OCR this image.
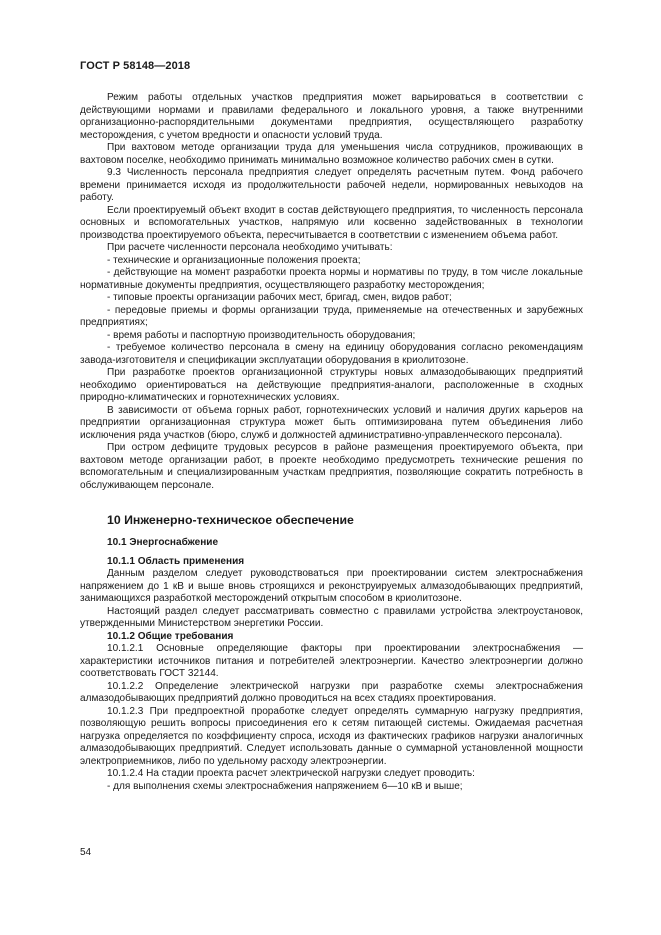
ГОСТ Р 58148—2018

Режим работы отдельных участков предприятия может варьироваться в соответствии с действующими нормами и правилами федерального и локального уровня, а также внутренними организационно-распорядительными документами предприятия, осуществляющего разработку месторождения, с учетом вредности и опасности условий труда.

При вахтовом методе организации труда для уменьшения числа сотрудников, проживающих в вахтовом поселке, необходимо принимать минимально возможное количество рабочих смен в сутки.

9.3 Численность персонала предприятия следует определять расчетным путем. Фонд рабочего времени принимается исходя из продолжительности рабочей недели, нормированных невыходов на работу.

Если проектируемый объект входит в состав действующего предприятия, то численность персонала основных и вспомогательных участков, напрямую или косвенно задействованных в технологии производства проектируемого объекта, пересчитывается в соответствии с изменением объема работ.

При расчете численности персонала необходимо учитывать:

- технические и организационные положения проекта;

- действующие на момент разработки проекта нормы и нормативы по труду, в том числе локальные нормативные документы предприятия, осуществляющего разработку месторождения;

- типовые проекты организации рабочих мест, бригад, смен, видов работ;

- передовые приемы и формы организации труда, применяемые на отечественных и зарубежных предприятиях;

- время работы и паспортную производительность оборудования;

- требуемое количество персонала в смену на единицу оборудования согласно рекомендациям завода-изготовителя и спецификации эксплуатации оборудования в криолитозоне.

При разработке проектов организационной структуры новых алмазодобывающих предприятий необходимо ориентироваться на действующие предприятия-аналоги, расположенные в сходных природно-климатических и горнотехнических условиях.

В зависимости от объема горных работ, горнотехнических условий и наличия других карьеров на предприятии организационная структура может быть оптимизирована путем объединения либо исключения ряда участков (бюро, служб и должностей административно-управленческого персонала).

При остром дефиците трудовых ресурсов в районе размещения проектируемого объекта, при вахтовом методе организации работ, в проекте необходимо предусмотреть технические решения по вспомогательным и специализированным участкам предприятия, позволяющие сократить потребность в обслуживающем персонале.

10 Инженерно-техническое обеспечение
10.1 Энергоснабжение
10.1.1 Область применения

Данным разделом следует руководствоваться при проектировании систем электроснабжения напряжением до 1 кВ и выше вновь строящихся и реконструируемых алмазодобывающих предприятий, занимающихся разработкой месторождений открытым способом в криолитозоне.

Настоящий раздел следует рассматривать совместно с правилами устройства электроустановок, утвержденными Министерством энергетики России.

10.1.2 Общие требования

10.1.2.1 Основные определяющие факторы при проектировании электроснабжения — характеристики источников питания и потребителей электроэнергии. Качество электроэнергии должно соответствовать ГОСТ 32144.

10.1.2.2 Определение электрической нагрузки при разработке схемы электроснабжения алмазодобывающих предприятий должно проводиться на всех стадиях проектирования.

10.1.2.3 При предпроектной проработке следует определять суммарную нагрузку предприятия, позволяющую решить вопросы присоединения его к сетям питающей системы. Ожидаемая расчетная нагрузка определяется по коэффициенту спроса, исходя из фактических графиков нагрузки аналогичных алмазодобывающих предприятий. Следует использовать данные о суммарной установленной мощности электроприемников, либо по удельному расходу электроэнергии.

10.1.2.4 На стадии проекта расчет электрической нагрузки следует проводить:

- для выполнения схемы электроснабжения напряжением 6—10 кВ и выше;

54
